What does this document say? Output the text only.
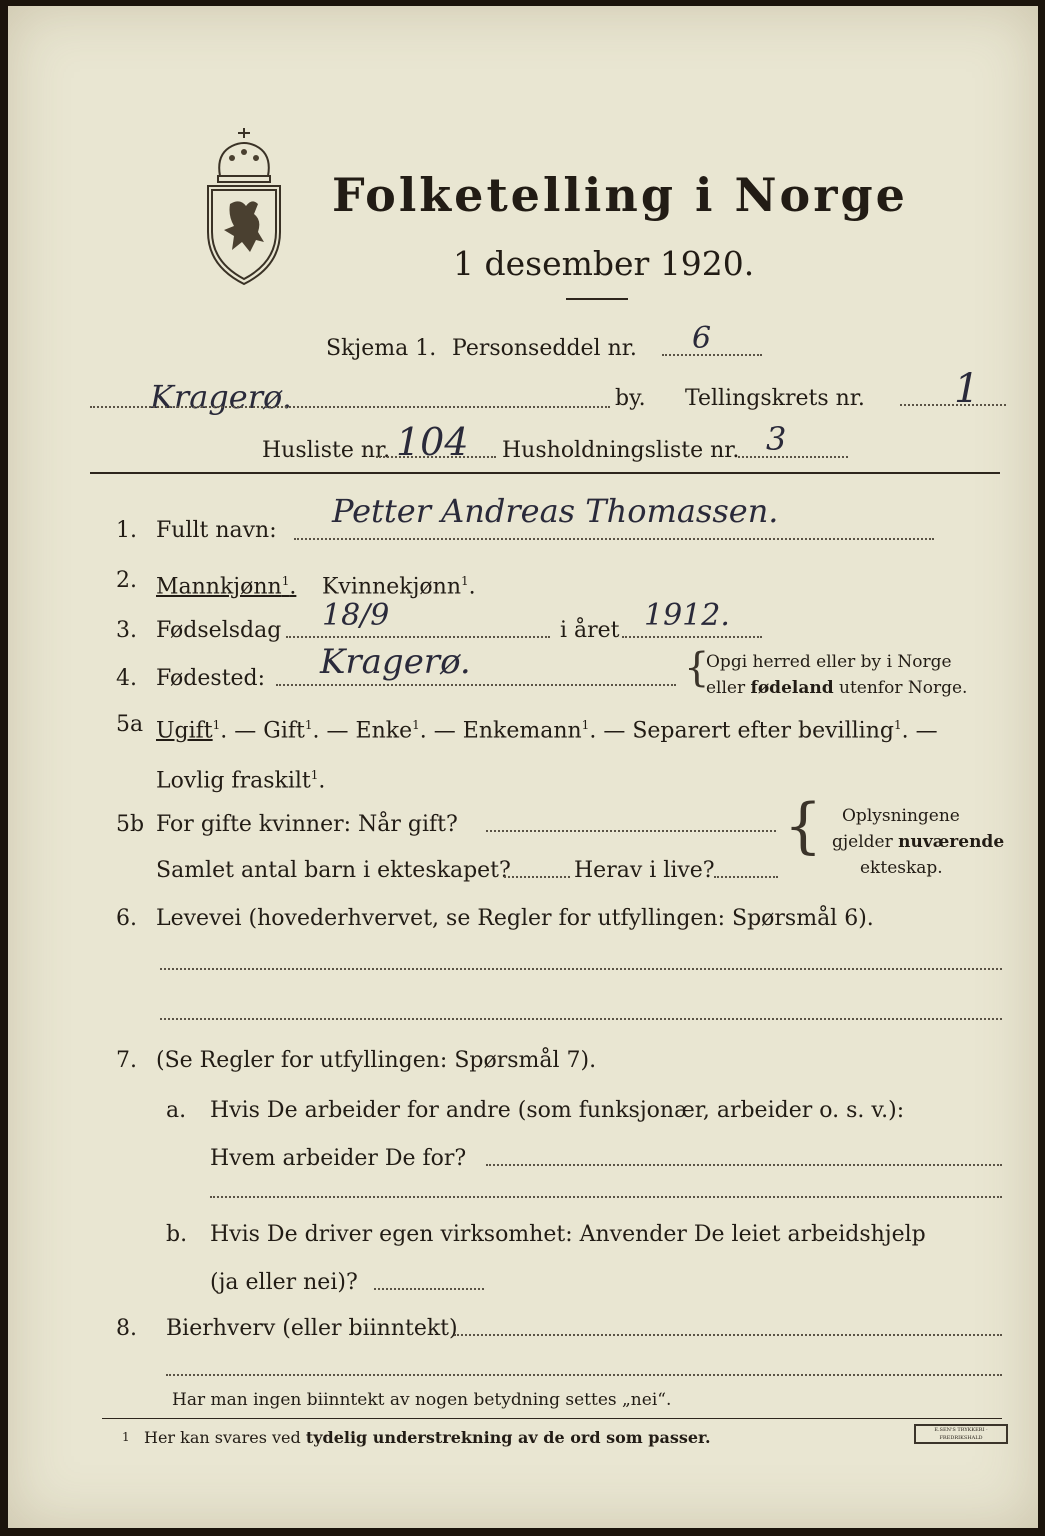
Folketelling i Norge
1 desember 1920.
Skjema 1. Personseddel nr. 6
Kragerø.	by. Tellingskrets nr. 1
Husliste nr. 104 Husholdningsliste nr. 3
1. Fullt navn:
Petter Andreas Thomassen.
2. Mannkjønn$^1$. Kvinnekjønn$^1$.
3. Fødselsdag 18/9	i året 1912.
4. Fødested: Kragerø.	{
Opgi herred eller by i Norge
eller fødeland utenfor Norge.
5a Ugift$^1$. — Gift$^1$. — Enke$^1$. — Enkemann$^1$. — Separert efter bevilling$^1$. —
Lovlig fraskilt$^1$.
5b For gifte kvinner: Når gift?
Samlet antal barn i ekteskapet?	Herav i live?
{ Oplysningene
gjelder nuværende
ekteskap.
6. Levevei (hovederhvervet, se Regler for utfyllingen: Spørsmål 6).
7. (Se Regler for utfyllingen: Spørsmål 7).
a. Hvis De arbeider for andre (som funksjonær, arbeider o. s. v.):
Hvem arbeider De for?
b. Hvis De driver egen virksomhet: Anvender De leiet arbeidshjelp
(ja eller nei)?
8. Bierhverv (eller biinntekt)
Har man ingen biinntekt av nogen betydning settes „nei“.
1 Her kan svares ved tydelig understrekning av de ord som passer.	E.SEN'S TRYKKERI · FREDRIKSHALD
